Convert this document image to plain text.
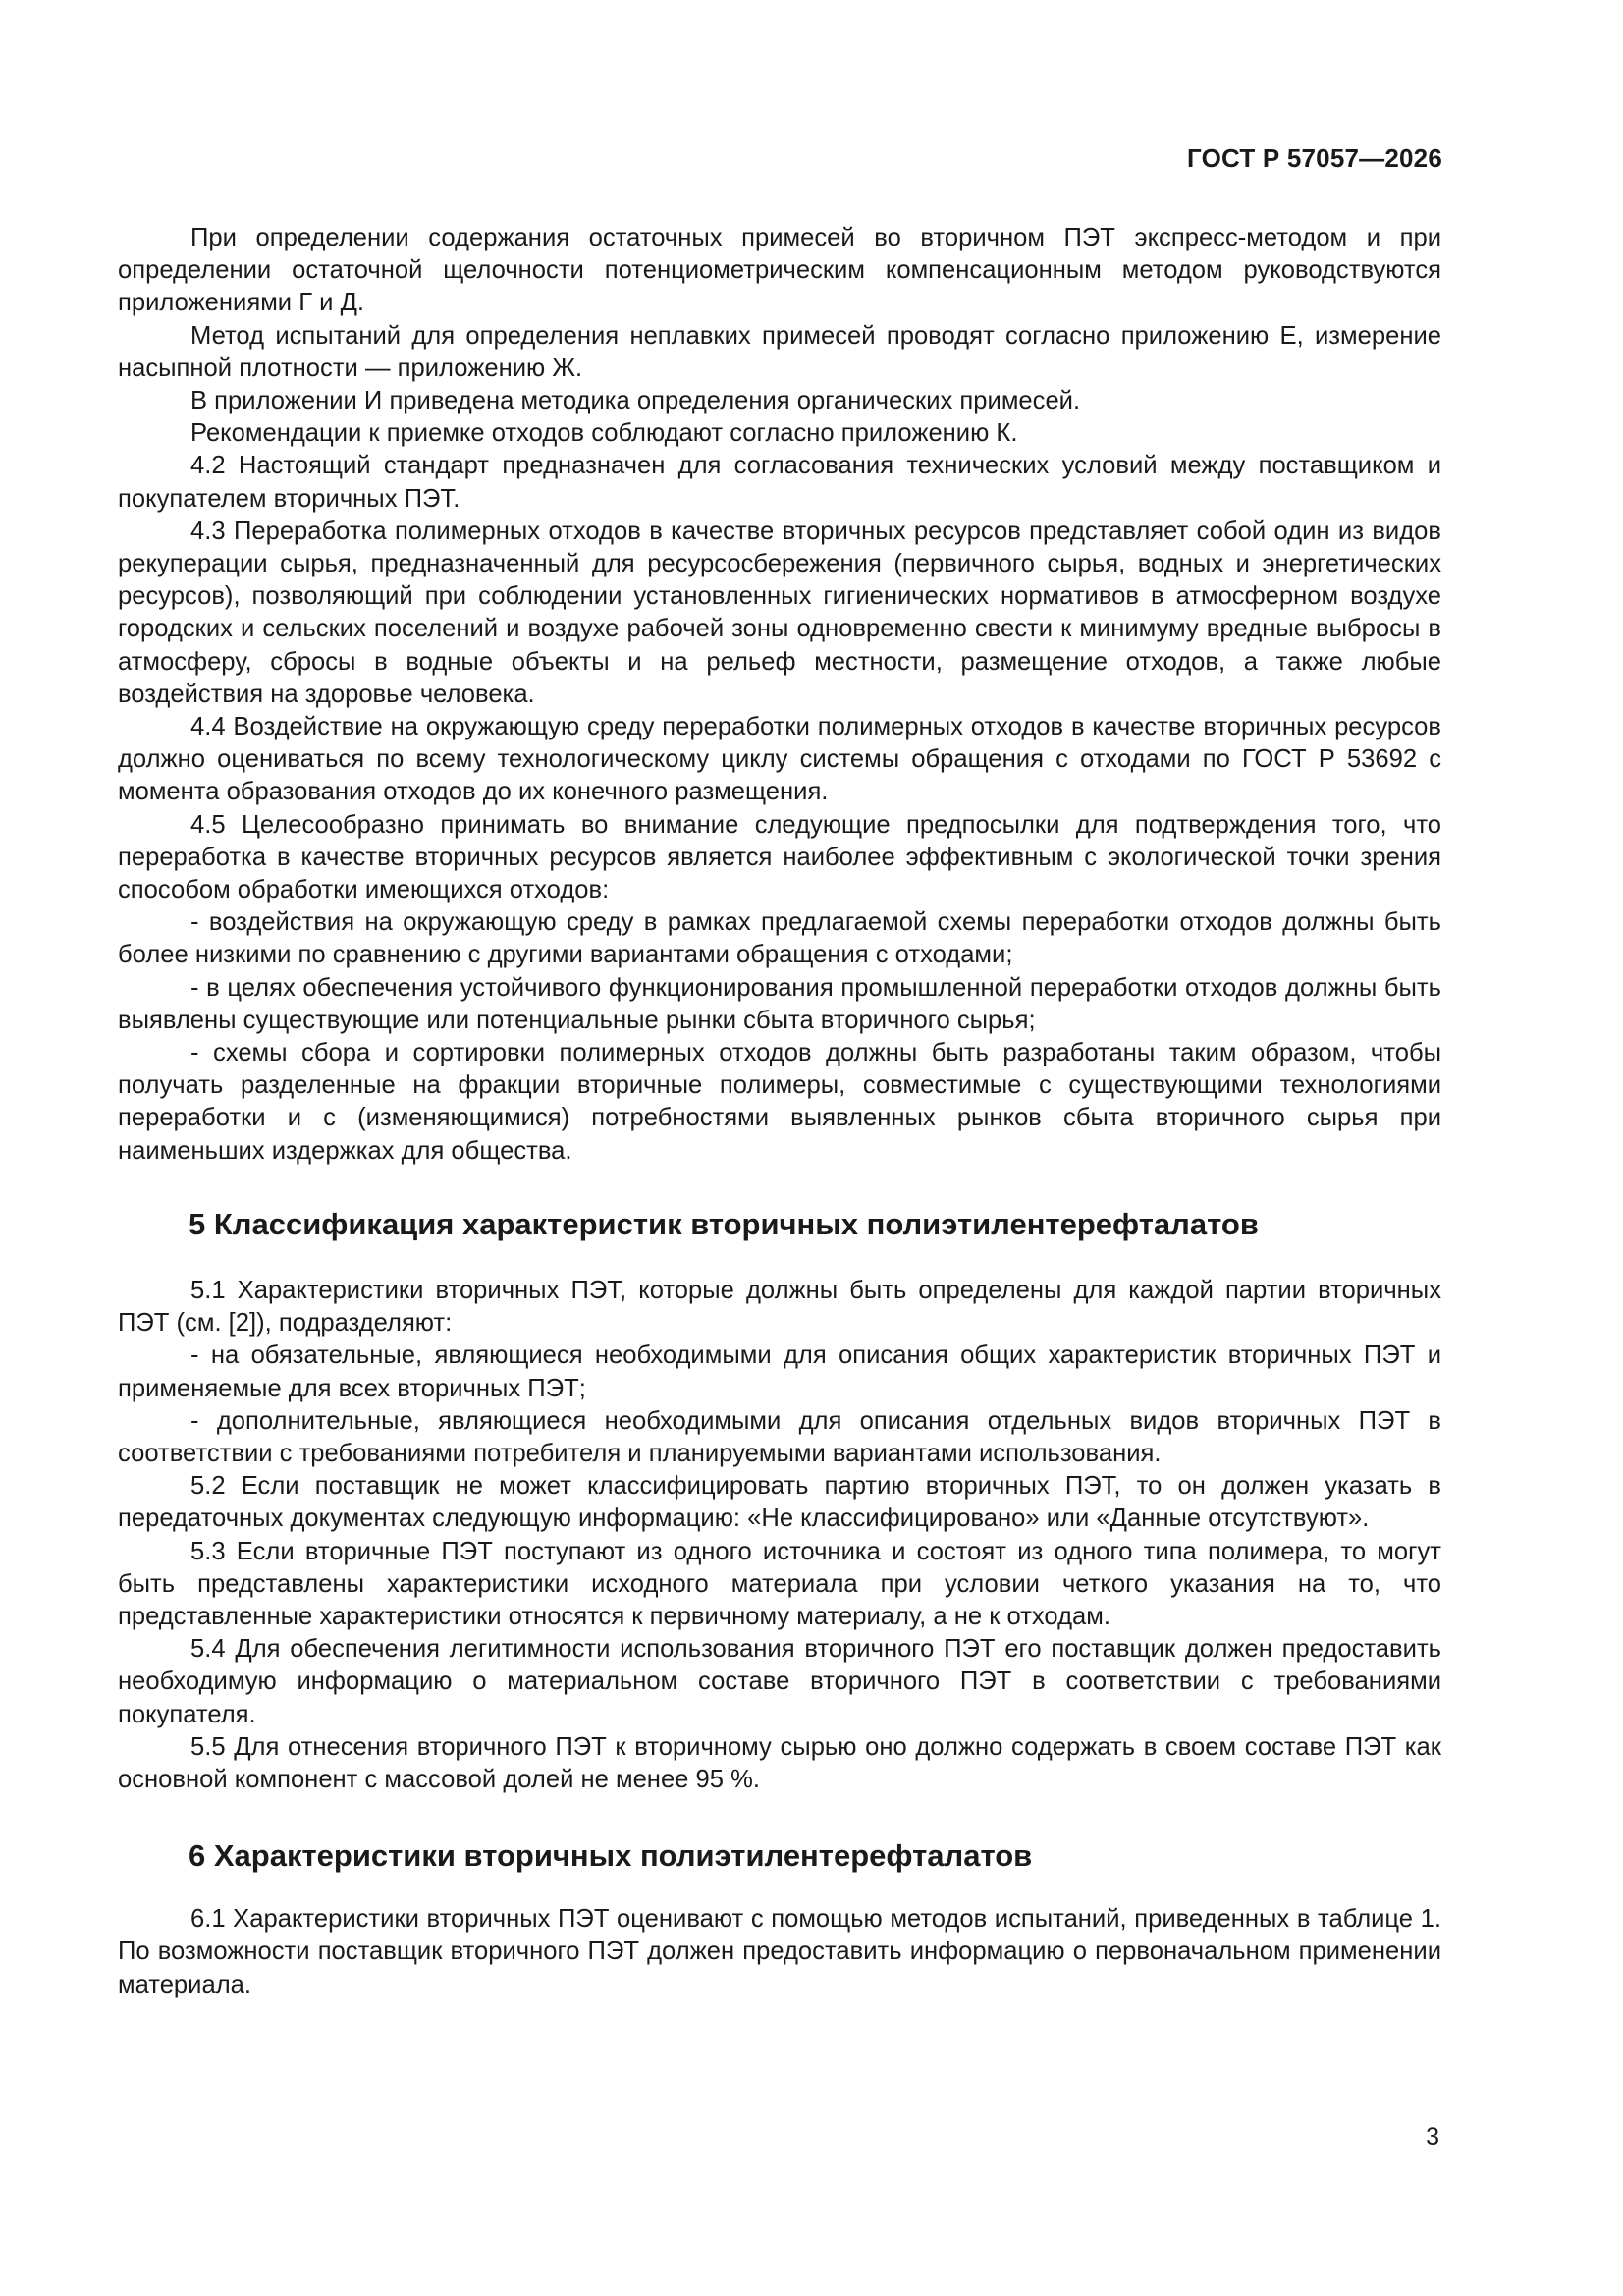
ГОСТ Р 57057—2026

При определении содержания остаточных примесей во вторичном ПЭТ экспресс-методом и при определении остаточной щелочности потенциометрическим компенсационным методом руководствуются приложениями Г и Д.

Метод испытаний для определения неплавких примесей проводят согласно приложению Е, измерение насыпной плотности — приложению Ж.

В приложении И приведена методика определения органических примесей.

Рекомендации к приемке отходов соблюдают согласно приложению К.

4.2 Настоящий стандарт предназначен для согласования технических условий между поставщиком и покупателем вторичных ПЭТ.

4.3 Переработка полимерных отходов в качестве вторичных ресурсов представляет собой один из видов рекуперации сырья, предназначенный для ресурсосбережения (первичного сырья, водных и энергетических ресурсов), позволяющий при соблюдении установленных гигиенических нормативов в атмосферном воздухе городских и сельских поселений и воздухе рабочей зоны одновременно свести к минимуму вредные выбросы в атмосферу, сбросы в водные объекты и на рельеф местности, размещение отходов, а также любые воздействия на здоровье человека.

4.4 Воздействие на окружающую среду переработки полимерных отходов в качестве вторичных ресурсов должно оцениваться по всему технологическому циклу системы обращения с отходами по ГОСТ Р 53692 с момента образования отходов до их конечного размещения.

4.5 Целесообразно принимать во внимание следующие предпосылки для подтверждения того, что переработка в качестве вторичных ресурсов является наиболее эффективным с экологической точки зрения способом обработки имеющихся отходов:

- воздействия на окружающую среду в рамках предлагаемой схемы переработки отходов должны быть более низкими по сравнению с другими вариантами обращения с отходами;

- в целях обеспечения устойчивого функционирования промышленной переработки отходов должны быть выявлены существующие или потенциальные рынки сбыта вторичного сырья;

- схемы сбора и сортировки полимерных отходов должны быть разработаны таким образом, чтобы получать разделенные на фракции вторичные полимеры, совместимые с существующими технологиями переработки и с (изменяющимися) потребностями выявленных рынков сбыта вторичного сырья при наименьших издержках для общества.

5 Классификация характеристик вторичных полиэтилентерефталатов

5.1 Характеристики вторичных ПЭТ, которые должны быть определены для каждой партии вторичных ПЭТ (см. [2]), подразделяют:

- на обязательные, являющиеся необходимыми для описания общих характеристик вторичных ПЭТ и применяемые для всех вторичных ПЭТ;

- дополнительные, являющиеся необходимыми для описания отдельных видов вторичных ПЭТ в соответствии с требованиями потребителя и планируемыми вариантами использования.

5.2 Если поставщик не может классифицировать партию вторичных ПЭТ, то он должен указать в передаточных документах следующую информацию: «Не классифицировано» или «Данные отсутствуют».

5.3 Если вторичные ПЭТ поступают из одного источника и состоят из одного типа полимера, то могут быть представлены характеристики исходного материала при условии четкого указания на то, что представленные характеристики относятся к первичному материалу, а не к отходам.

5.4 Для обеспечения легитимности использования вторичного ПЭТ его поставщик должен предоставить необходимую информацию о материальном составе вторичного ПЭТ в соответствии с требованиями покупателя.

5.5 Для отнесения вторичного ПЭТ к вторичному сырью оно должно содержать в своем составе ПЭТ как основной компонент с массовой долей не менее 95 %.

6 Характеристики вторичных полиэтилентерефталатов

6.1 Характеристики вторичных ПЭТ оценивают с помощью методов испытаний, приведенных в таблице 1. По возможности поставщик вторичного ПЭТ должен предоставить информацию о первоначальном применении материала.

3
